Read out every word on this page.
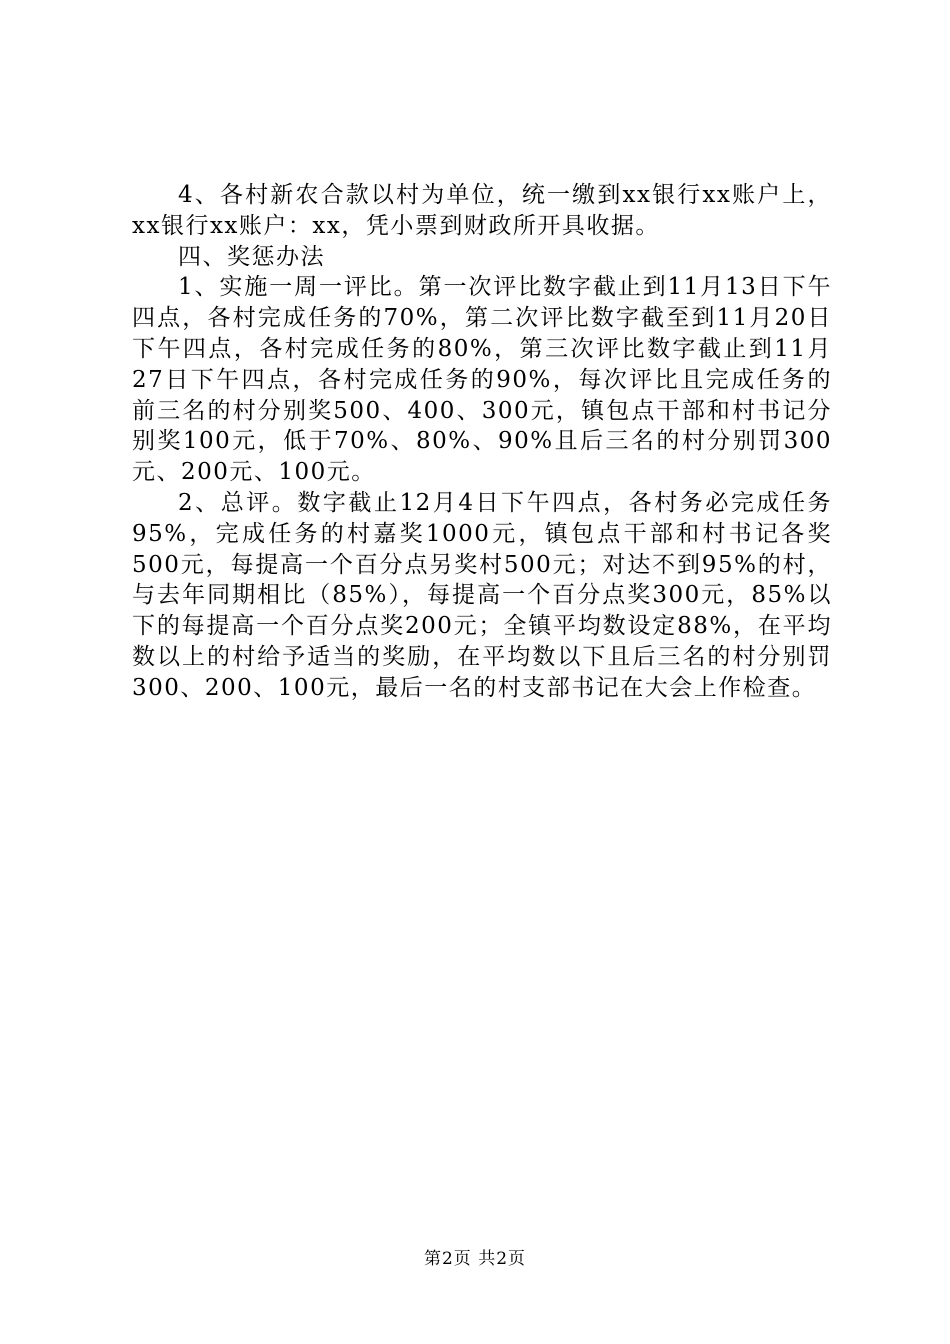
4、各村新农合款以村为单位，统一缴到xx银行xx账户上，xx银行xx账户：xx，凭小票到财政所开具收据。

四、奖惩办法

1、实施一周一评比。第一次评比数字截止到11月13日下午四点，各村完成任务的70%，第二次评比数字截至到11月20日下午四点，各村完成任务的80%，第三次评比数字截止到11月27日下午四点，各村完成任务的90%，每次评比且完成任务的前三名的村分别奖500、400、300元，镇包点干部和村书记分别奖100元，低于70%、80%、90%且后三名的村分别罚300元、200元、100元。

2、总评。数字截止12月4日下午四点，各村务必完成任务95%，完成任务的村嘉奖1000元，镇包点干部和村书记各奖500元，每提高一个百分点另奖村500元；对达不到95%的村，与去年同期相比（85%），每提高一个百分点奖300元，85%以下的每提高一个百分点奖200元；全镇平均数设定88%，在平均数以上的村给予适当的奖励，在平均数以下且后三名的村分别罚300、200、100元，最后一名的村支部书记在大会上作检查。

第2页 共2页
